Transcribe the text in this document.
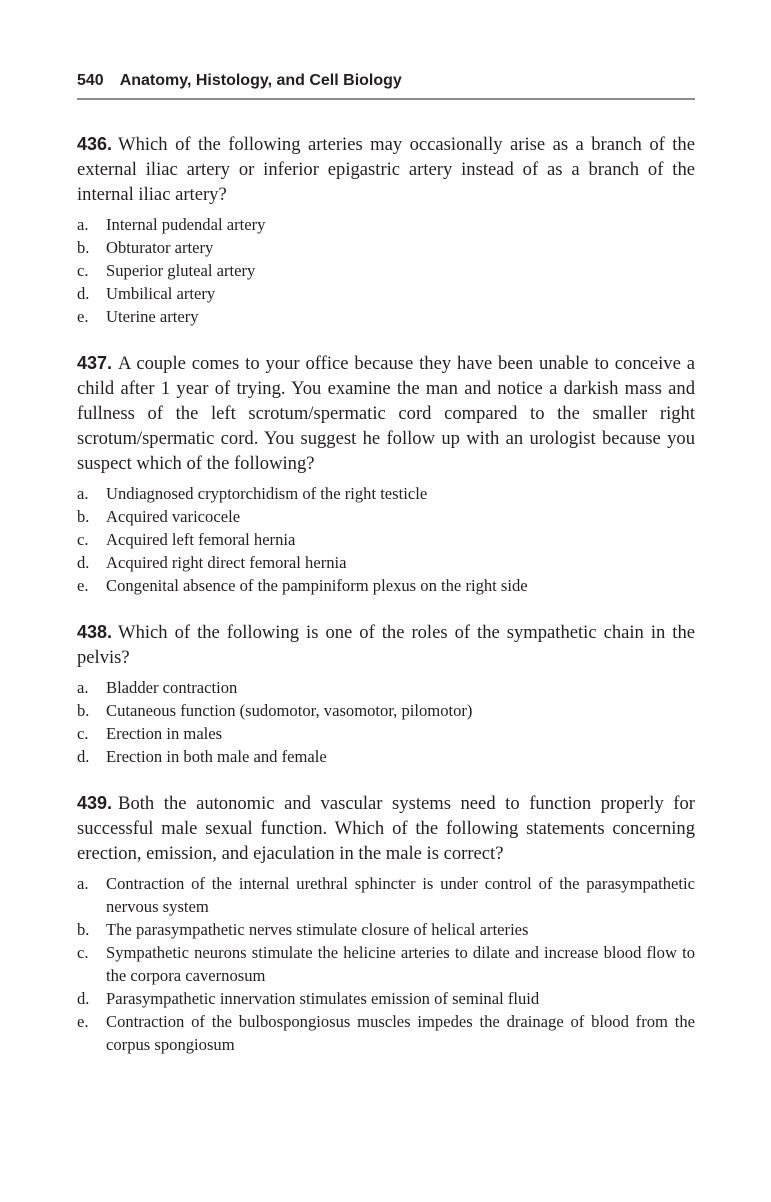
540 Anatomy, Histology, and Cell Biology

436. Which of the following arteries may occasionally arise as a branch of the external iliac artery or inferior epigastric artery instead of as a branch of the internal iliac artery?

a. Internal pudendal artery
b. Obturator artery
c. Superior gluteal artery
d. Umbilical artery
e. Uterine artery

437. A couple comes to your office because they have been unable to conceive a child after 1 year of trying. You examine the man and notice a darkish mass and fullness of the left scrotum/spermatic cord compared to the smaller right scrotum/spermatic cord. You suggest he follow up with an urologist because you suspect which of the following?

a. Undiagnosed cryptorchidism of the right testicle
b. Acquired varicocele
c. Acquired left femoral hernia
d. Acquired right direct femoral hernia
e. Congenital absence of the pampiniform plexus on the right side

438. Which of the following is one of the roles of the sympathetic chain in the pelvis?

a. Bladder contraction
b. Cutaneous function (sudomotor, vasomotor, pilomotor)
c. Erection in males
d. Erection in both male and female

439. Both the autonomic and vascular systems need to function properly for successful male sexual function. Which of the following statements concerning erection, emission, and ejaculation in the male is correct?

a. Contraction of the internal urethral sphincter is under control of the parasympathetic nervous system
b. The parasympathetic nerves stimulate closure of helical arteries
c. Sympathetic neurons stimulate the helicine arteries to dilate and increase blood flow to the corpora cavernosum
d. Parasympathetic innervation stimulates emission of seminal fluid
e. Contraction of the bulbospongiosus muscles impedes the drainage of blood from the corpus spongiosum
